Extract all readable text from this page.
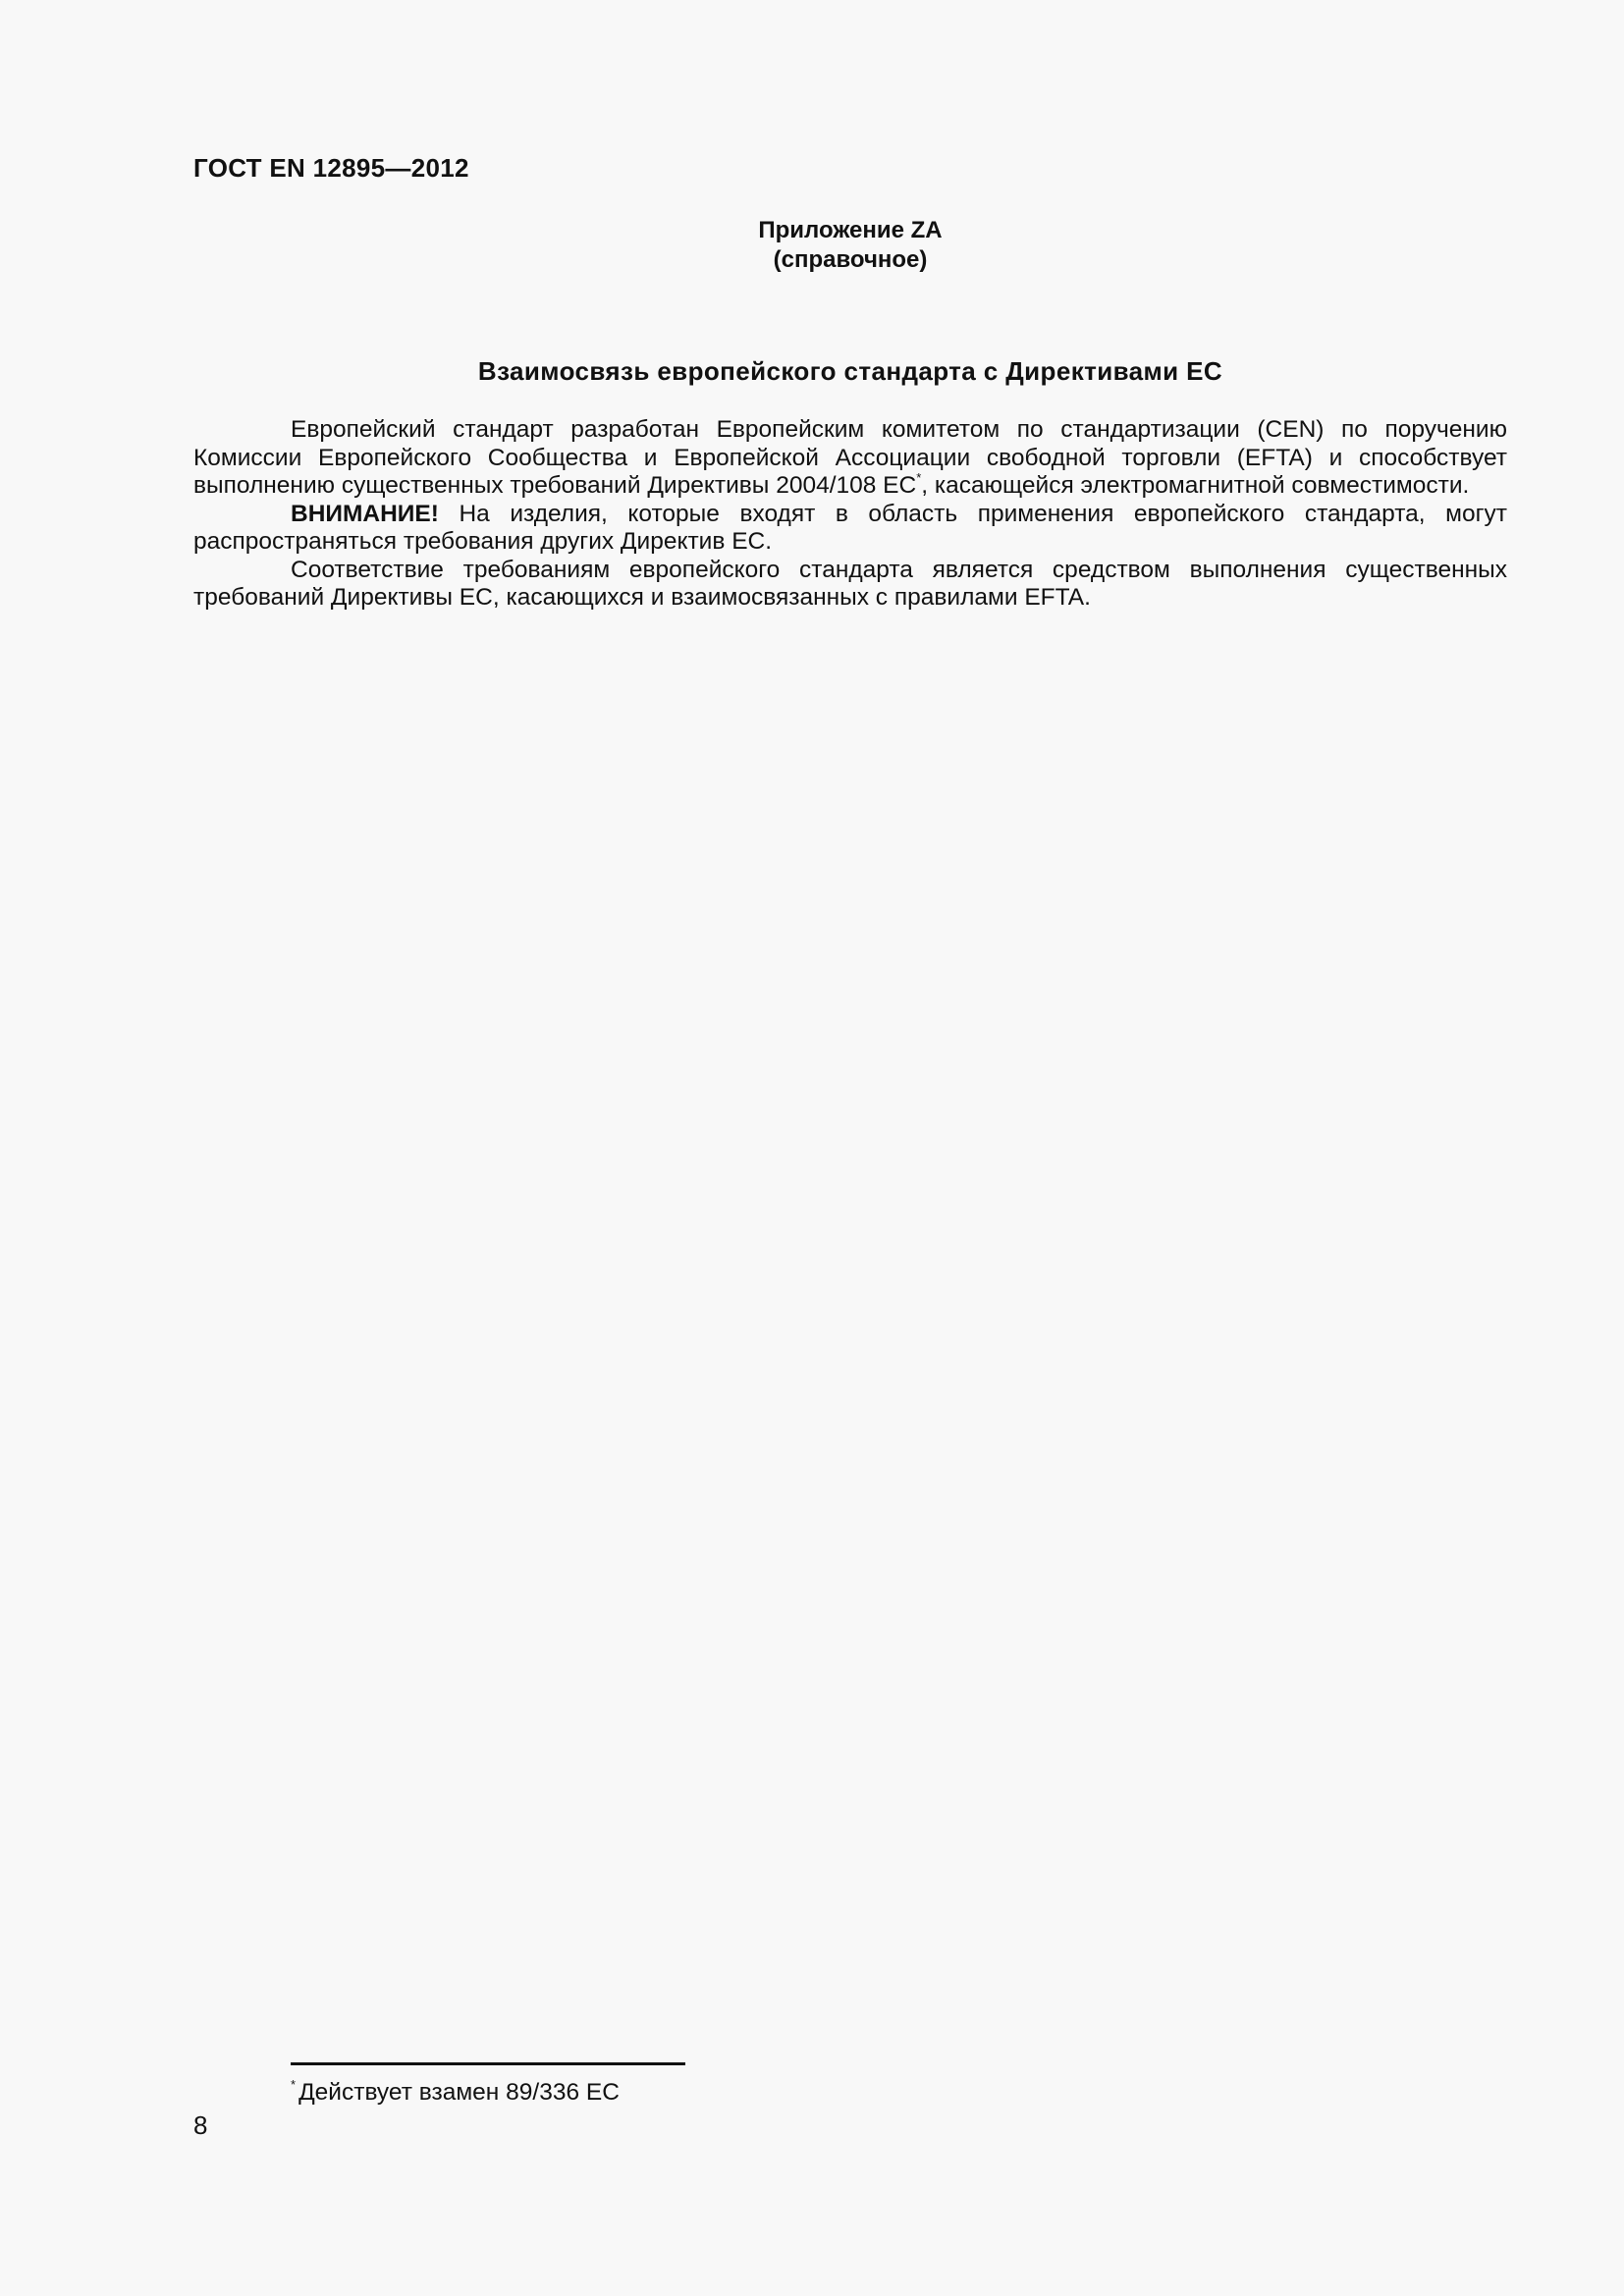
ГОСТ EN 12895—2012
Приложение ZA
(справочное)
Взаимосвязь европейского стандарта с Директивами ЕС

Европейский стандарт разработан Европейским комитетом по стандартизации (CEN) по поручению Комиссии Европейского Сообщества и Европейской Ассоциации свободной торговли (EFTA) и способствует выполнению существенных требований Директивы 2004/108 ЕС*, касающейся электромагнитной совместимости.

ВНИМАНИЕ! На изделия, которые входят в область применения европейского стандарта, могут распространяться требования других Директив ЕС.

Соответствие требованиям европейского стандарта является средством выполнения существенных требований Директивы ЕС, касающихся и взаимосвязанных с правилами EFTA.

* Действует взамен 89/336 ЕС
8
